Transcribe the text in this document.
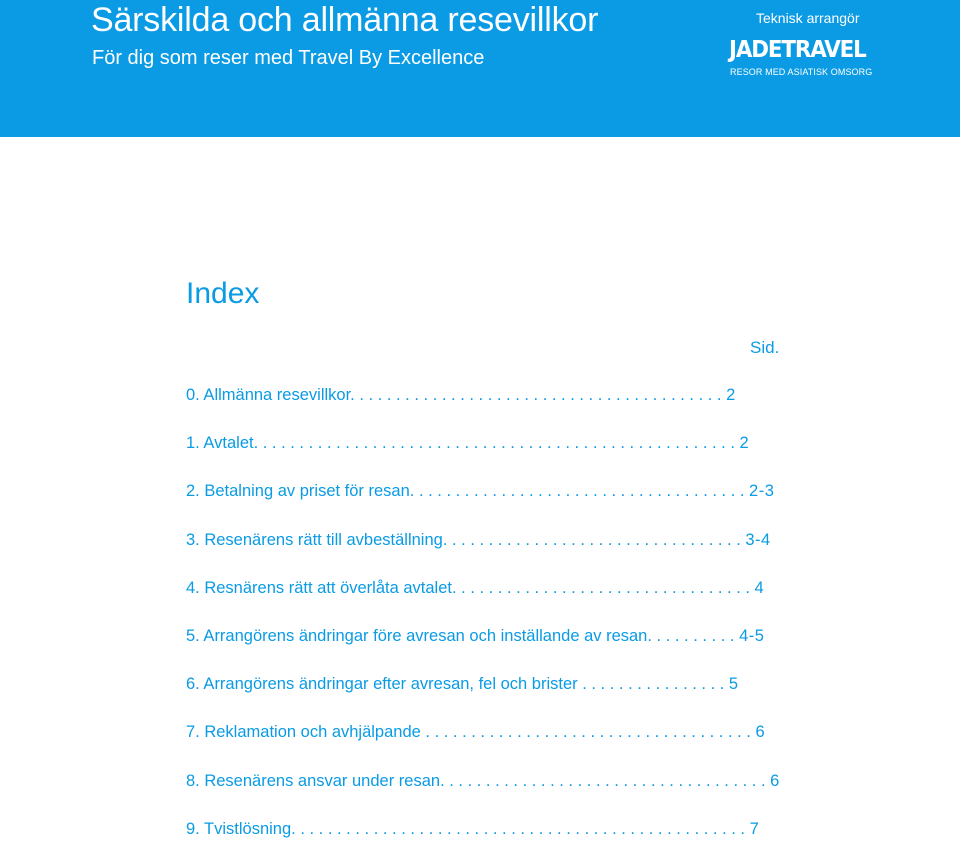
Särskilda och allmänna resevillkor

För dig som reser med Travel By Excellence

Teknisk arrangör
JADETRAVEL
RESOR MED ASIATISK OMSORG
Index
Sid.
0. Allmänna resevillkor. . . . . . . . . . . . . . . . . . . . . . . . . . . . . . . . . . . . . . . . . 2
1. Avtalet. . . . . . . . . . . . . . . . . . . . . . . . . . . . . . . . . . . . . . . . . . . . . . . . . . . . . 2
2. Betalning av priset för resan. . . . . . . . . . . . . . . . . . . . . . . . . . . . . . . . . . . . . 2-3
3. Resenärens rätt till avbeställning. . . . . . . . . . . . . . . . . . . . . . . . . . . . . . . . . 3-4
4. Resnärens rätt att överlåta avtalet. . . . . . . . . . . . . . . . . . . . . . . . . . . . . . . . . 4
5. Arrangörens ändringar före avresan och inställande av resan. . . . . . . . . . 4-5
6. Arrangörens ändringar efter avresan, fel och brister . . . . . . . . . . . . . . . . 5
7. Reklamation och avhjälpande . . . . . . . . . . . . . . . . . . . . . . . . . . . . . . . . . . . . 6
8. Resenärens ansvar under resan. . . . . . . . . . . . . . . . . . . . . . . . . . . . . . . . . . . . 6
9. Tvistlösning. . . . . . . . . . . . . . . . . . . . . . . . . . . . . . . . . . . . . . . . . . . . . . . . . . 7
